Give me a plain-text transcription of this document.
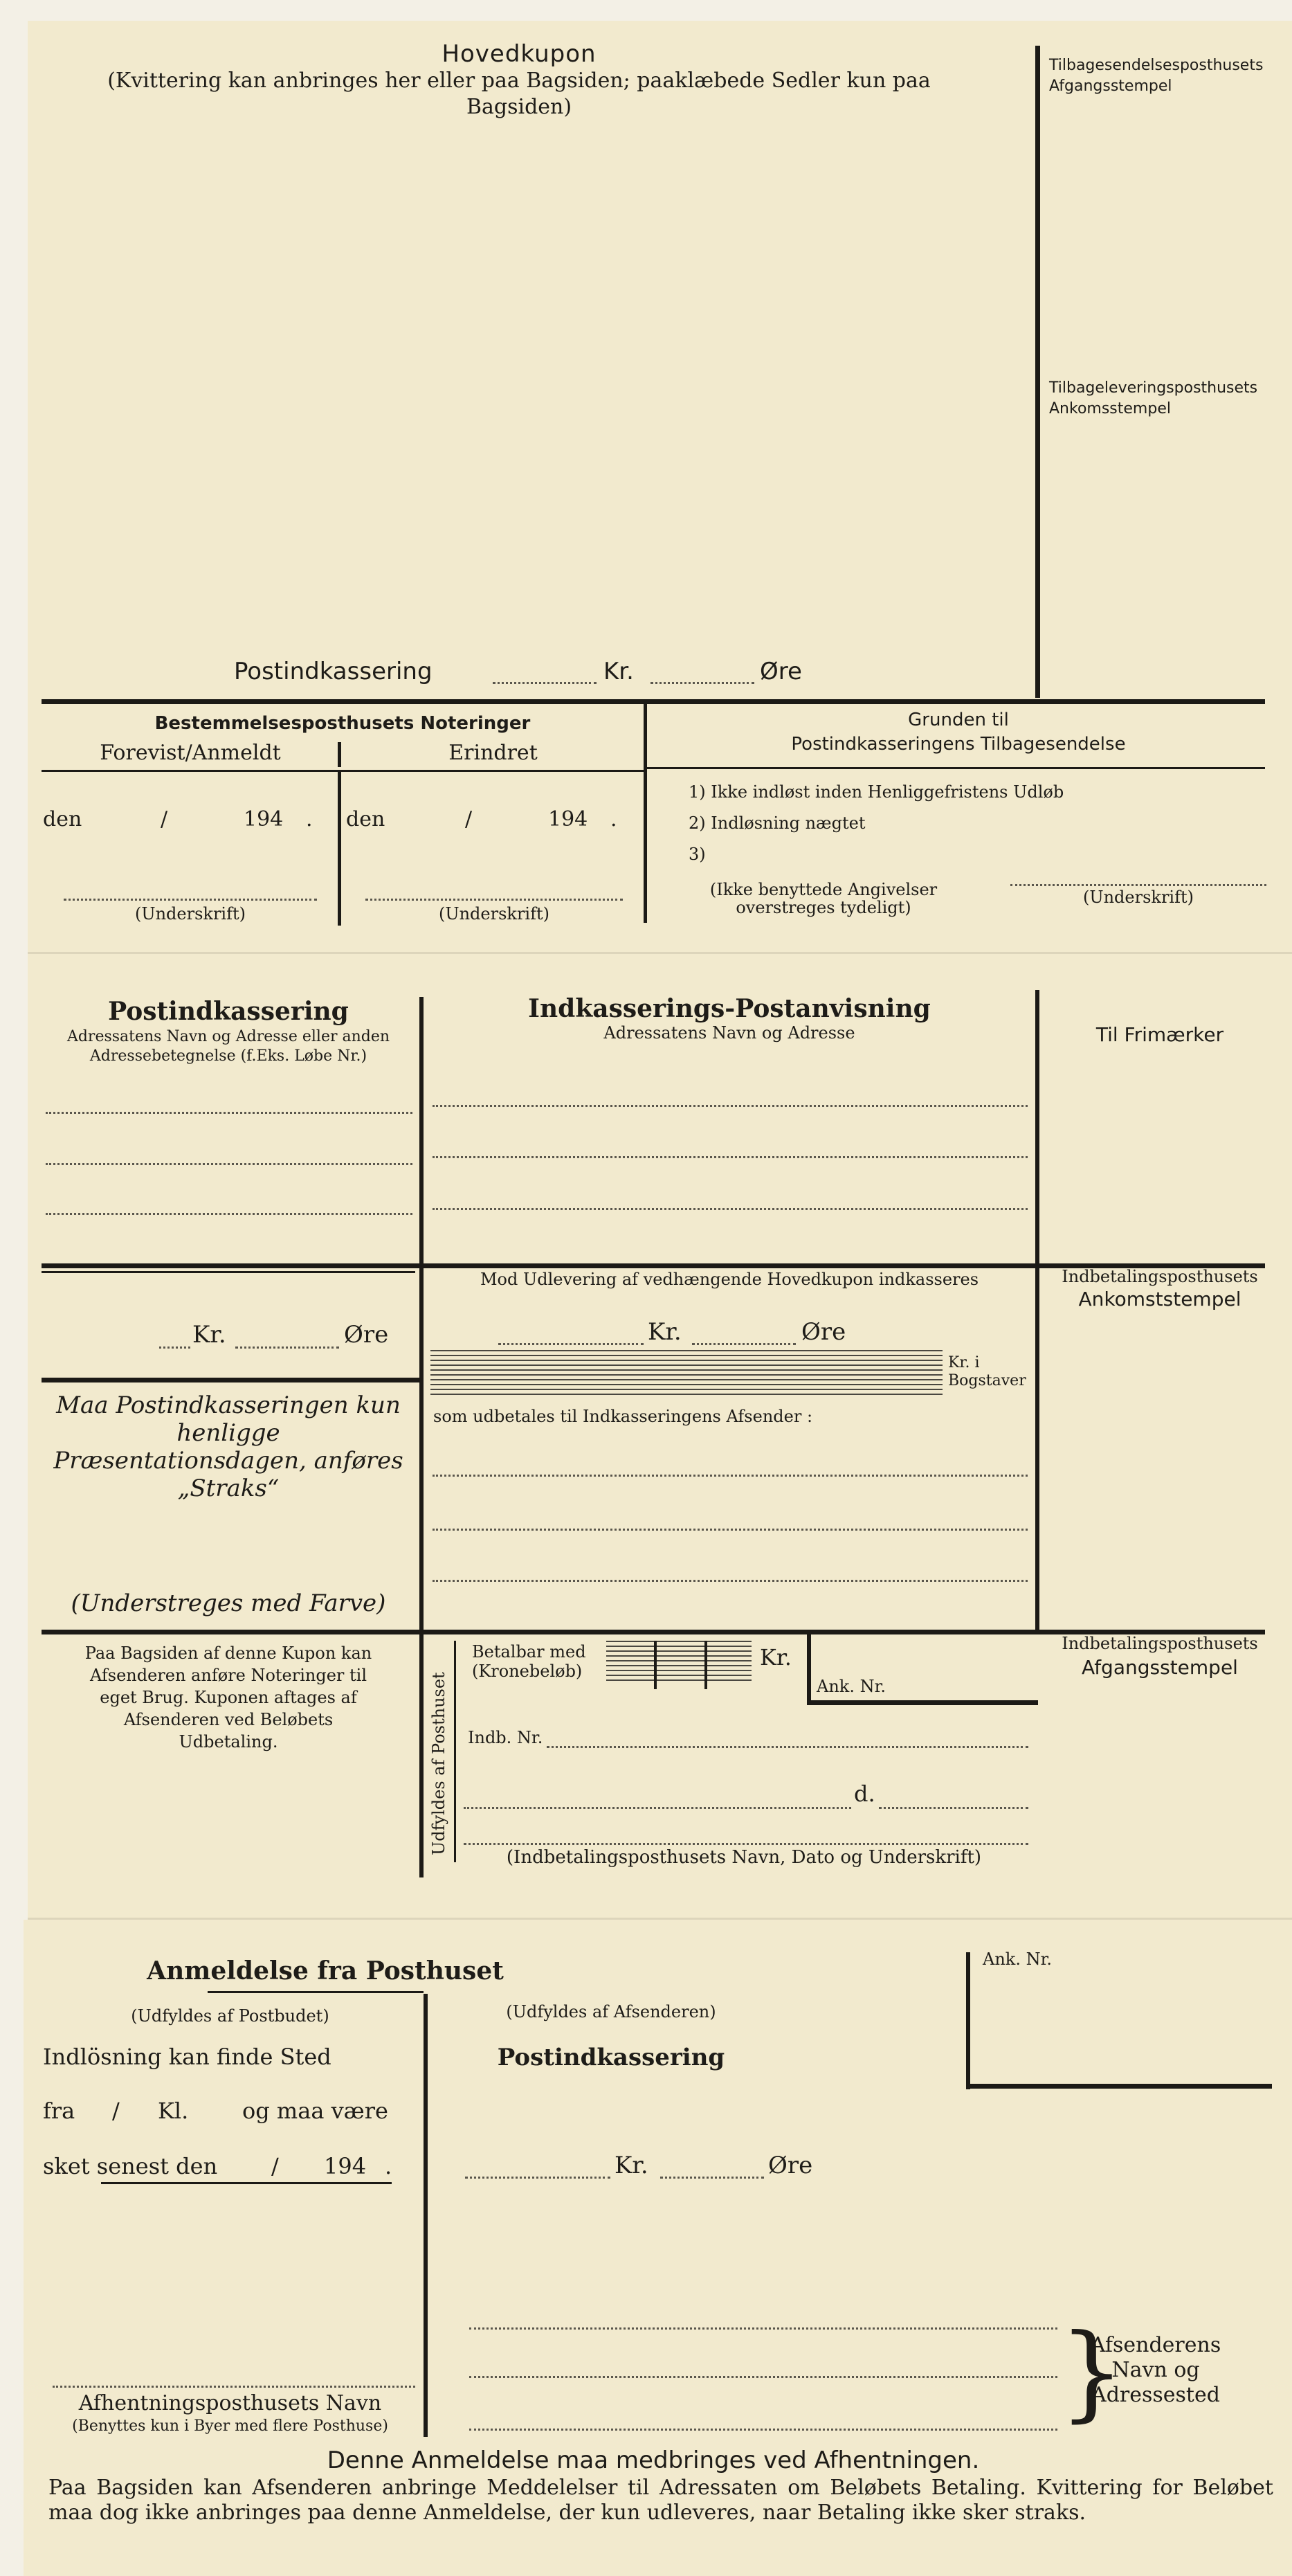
Hovedkupon
(Kvittering kan anbringes her eller paa Bagsiden; paaklæbede Sedler kun paa Bagsiden)
Tilbagesendelsesposthusets Afgangsstempel
Tilbageleveringsposthusets Ankomsstempel
Postindkassering	Kr.	Øre
Bestemmelsesposthusets Noteringer
Forevist/Anmeldt	Erindret
den	/	194 .
(Underskrift)
den	/	194 .
(Underskrift)
Grunden til
Postindkasseringens Tilbagesendelse
1) Ikke indløst inden Henliggefristens Udløb
2) Indløsning nægtet
3)
(Ikke benyttede Angivelser overstreges tydeligt)
(Underskrift)
Postindkassering
Adressatens Navn og Adresse eller anden Adressebetegnelse (f.Eks. Løbe Nr.)
Indkasserings-Postanvisning
Adressatens Navn og Adresse	Til Frimærker
Kr.	Øre
Maa Postindkasseringen kun henligge Præsentationsdagen, anføres „Straks“
(Understreges med Farve)
Mod Udlevering af vedhængende Hovedkupon indkasseres
Kr.	Øre
Kr. i Bogstaver
som udbetales til Indkasseringens Afsender :
Indbetalingsposthusets
Ankomststempel
Paa Bagsiden af denne Kupon kan Afsenderen anføre Noteringer til eget Brug. Kuponen aftages af Afsenderen ved Beløbets Udbetaling.	Udfyldes af Posthuset
Betalbar med (Kronebeløb)
Kr.
Ank. Nr.
Indb. Nr.
d.
(Indbetalingsposthusets Navn, Dato og Underskrift)
Indbetalingsposthusets
Afgangsstempel
Anmeldelse fra Posthuset
(Udfyldes af Postbudet)
Indlösning kan finde Sted
fra / Kl. og maa være
sket senest den / 194 .
Afhentningsposthusets Navn
(Benyttes kun i Byer med flere Posthuse)
(Udfyldes af Afsenderen)
Postindkassering
Kr.	Øre
Ank. Nr.
}
Afsenderens
Navn og
Adressested
Denne Anmeldelse maa medbringes ved Afhentningen.
Paa Bagsiden kan Afsenderen anbringe Meddelelser til Adressaten om Beløbets Betaling. Kvittering for Beløbet maa dog ikke anbringes paa denne Anmeldelse, der kun udleveres, naar Betaling ikke sker straks.
